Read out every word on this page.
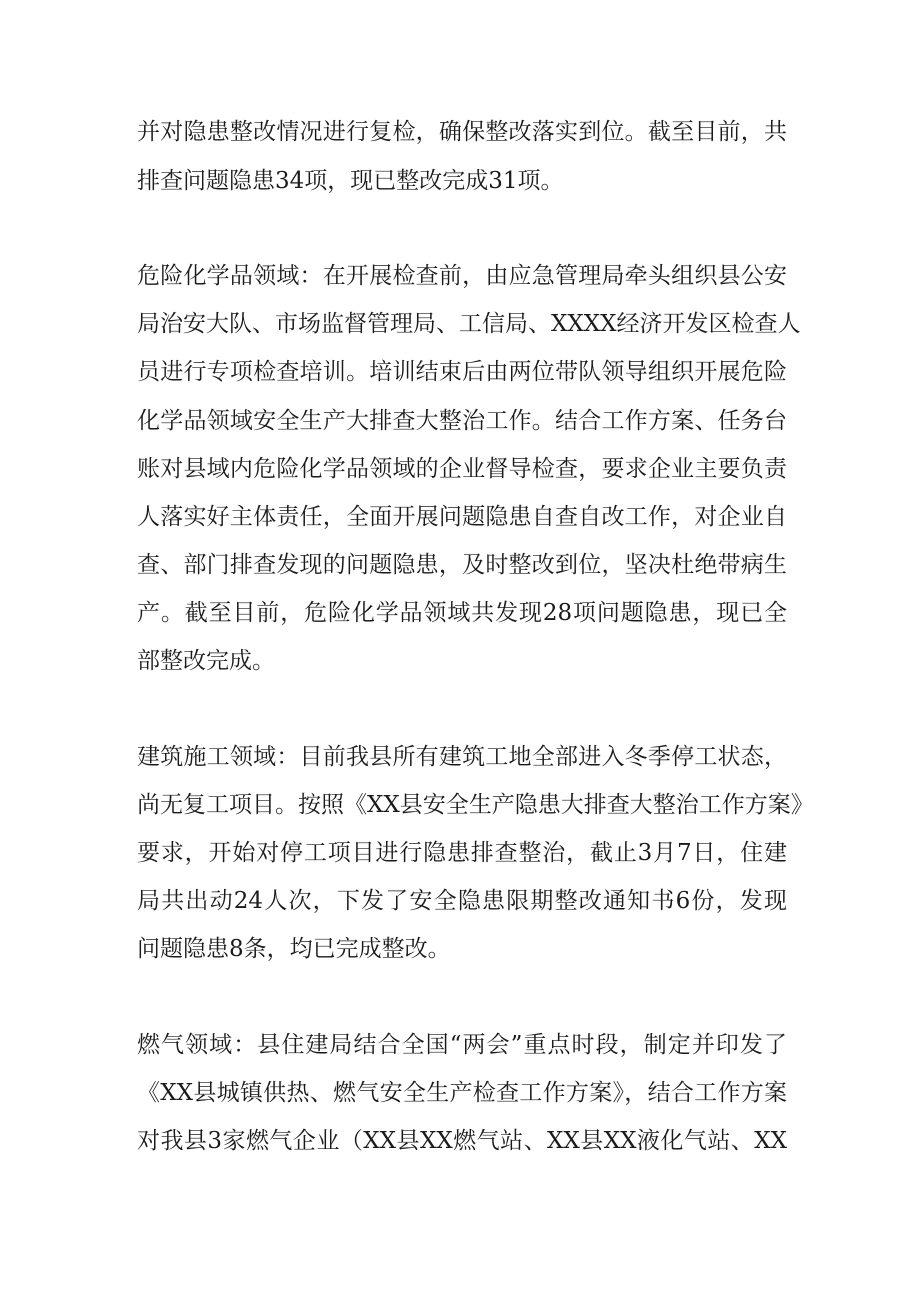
并对隐患整改情况进行复检，确保整改落实到位。截至目前，共

排查问题隐患34项，现已整改完成31项。

危险化学品领域：在开展检查前，由应急管理局牵头组织县公安

局治安大队、市场监督管理局、工信局、XXXX经济开发区检查人

员进行专项检查培训。培训结束后由两位带队领导组织开展危险

化学品领域安全生产大排查大整治工作。结合工作方案、任务台

账对县域内危险化学品领域的企业督导检查，要求企业主要负责

人落实好主体责任，全面开展问题隐患自查自改工作，对企业自

查、部门排查发现的问题隐患，及时整改到位，坚决杜绝带病生

产。截至目前，危险化学品领域共发现28项问题隐患，现已全

部整改完成。

建筑施工领域：目前我县所有建筑工地全部进入冬季停工状态，

尚无复工项目。按照《XX县安全生产隐患大排查大整治工作方案》

要求，开始对停工项目进行隐患排查整治，截止3月7日，住建

局共出动24人次，下发了安全隐患限期整改通知书6份，发现

问题隐患8条，均已完成整改。

燃气领域：县住建局结合全国“两会”重点时段，制定并印发了

《XX县城镇供热、燃气安全生产检查工作方案》，结合工作方案

对我县3家燃气企业（XX县XX燃气站、XX县XX液化气站、XX
